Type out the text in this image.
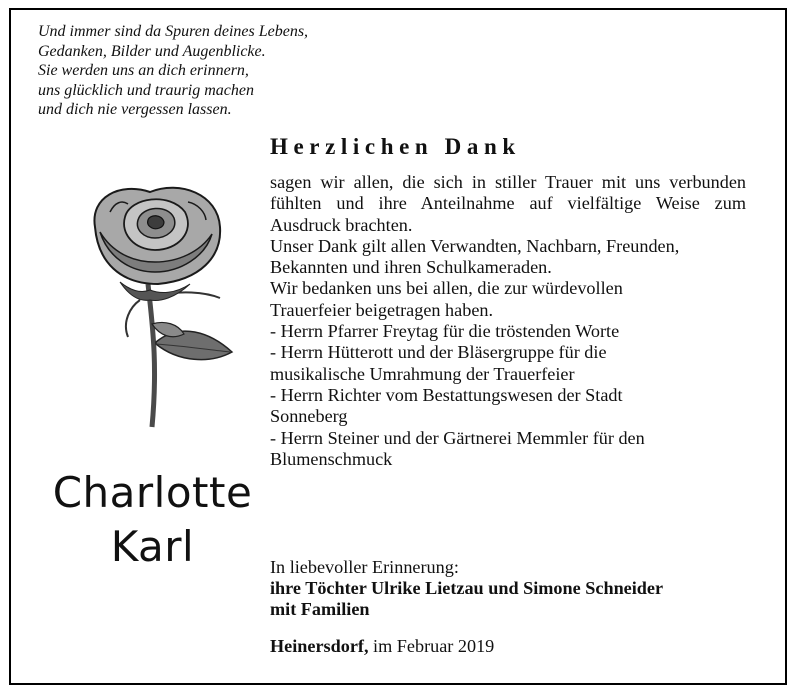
Und immer sind da Spuren deines Lebens,
Gedanken, Bilder und Augenblicke.
Sie werden uns an dich erinnern,
uns glücklich und traurig machen
und dich nie vergessen lassen.
Herzlichen Dank
sagen wir allen, die sich in stiller Trauer mit uns verbunden
fühlten und ihre Anteilnahme auf vielfältige Weise zum
Ausdruck brachten.
Unser Dank gilt allen Verwandten, Nachbarn, Freunden,
Bekannten und ihren Schulkameraden.
Wir bedanken uns bei allen, die zur würdevollen
Trauerfeier beigetragen haben.
- Herrn Pfarrer Freytag für die tröstenden Worte
- Herrn Hütterott und der Bläsergruppe für die
musikalische Umrahmung der Trauerfeier
- Herrn Richter vom Bestattungswesen der Stadt
Sonneberg
- Herrn Steiner und der Gärtnerei Memmler für den
Blumenschmuck
Charlotte
Karl	In liebevoller Erinnerung:
ihre Töchter Ulrike Lietzau und Simone Schneider
mit Familien
Heinersdorf, im Februar 2019
